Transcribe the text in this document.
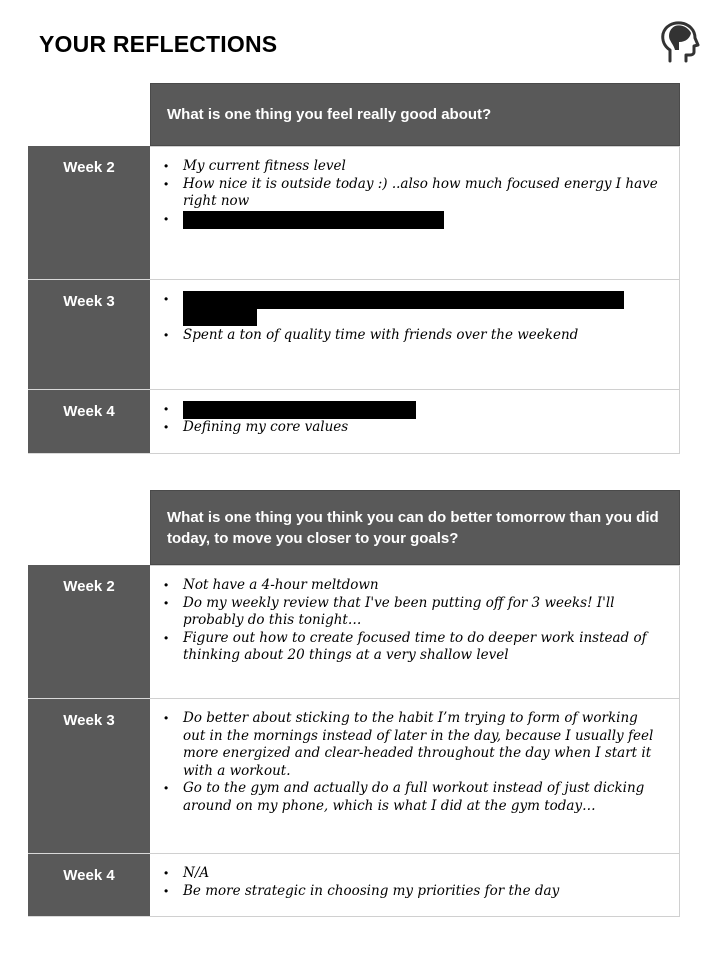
YOUR REFLECTIONS
What is one thing you feel really good about?
Week 2	• My current fitness level
• How nice it is outside today :) ..also how much focused energy I have right now
•
Week 3
•

• Spent a ton of quality time with friends over the weekend
Week 4
•
• Defining my core values
What is one thing you think you can do better tomorrow than you did today, to move you closer to your goals?
Week 2	• Not have a 4-hour meltdown
• Do my weekly review that I've been putting off for 3 weeks! I'll probably do this tonight…
• Figure out how to create focused time to do deeper work instead of thinking about 20 things at a very shallow level
Week 3	• Do better about sticking to the habit I’m trying to form of working out in the mornings instead of later in the day, because I usually feel more energized and clear-headed throughout the day when I start it with a workout.
• Go to the gym and actually do a full workout instead of just dicking around on my phone, which is what I did at the gym today…
Week 4	• N/A
• Be more strategic in choosing my priorities for the day
